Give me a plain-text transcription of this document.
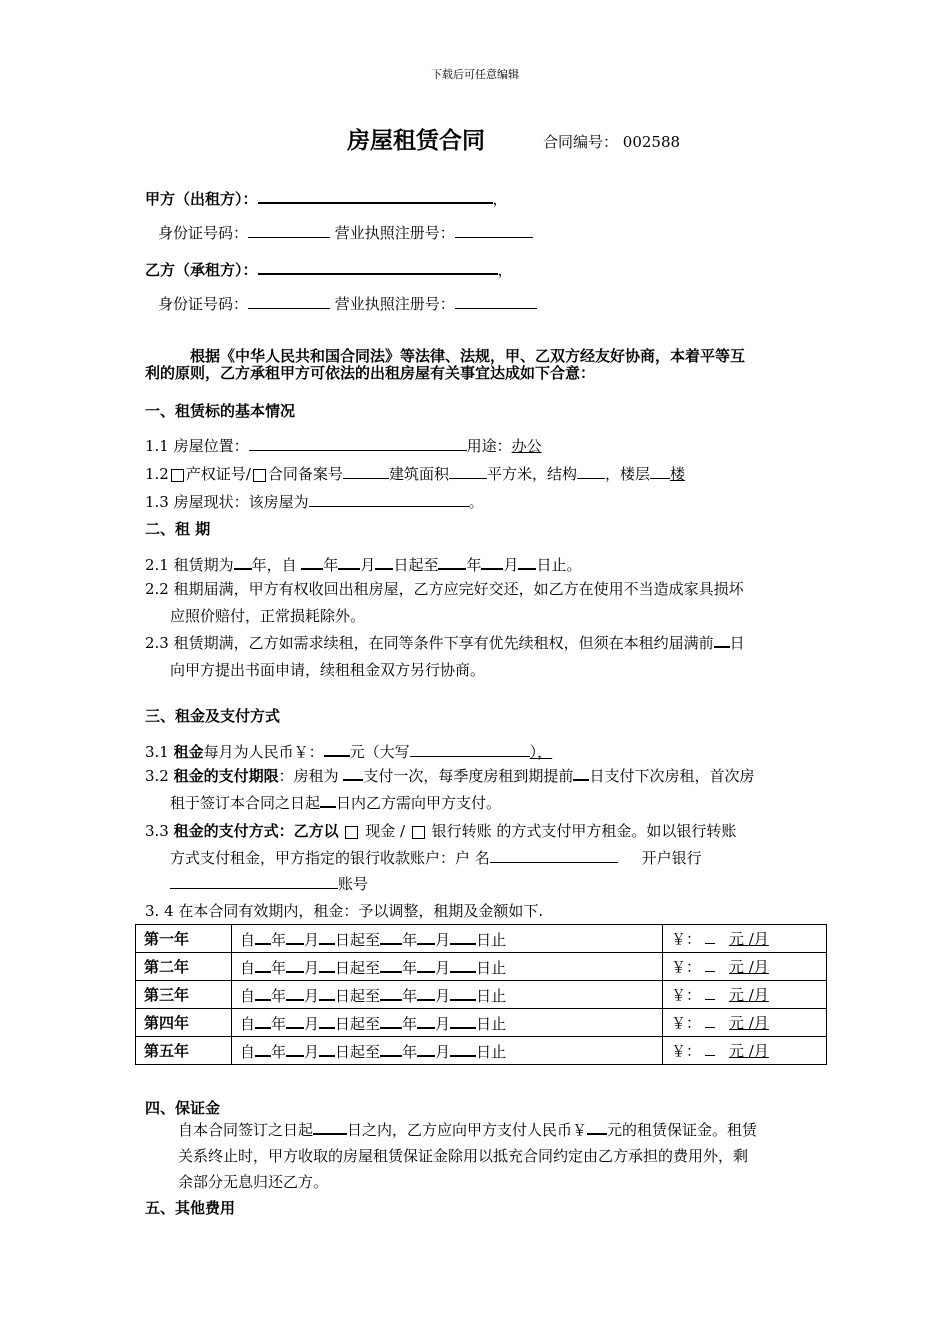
下载后可任意编辑
房屋租赁合同	合同编号： 002588
甲方（出租方）：	，
身份证号码：	营业执照注册号：
乙方（承租方）：	，
身份证号码：	营业执照注册号：
根据《中华人民共和国合同法》等法律、法规，甲、乙双方经友好协商，本着平等互
利的原则，乙方承租甲方可依法的出租房屋有关事宜达成如下合意：
一、租赁标的基本情况
1.1 房屋位置：	用途：办公
1.2 产权证号/ 合同备案号	建筑面积	平方米，结构 ，楼层 楼
1.3 房屋现状：该房屋为	。
二、租 期
2.1 租赁期为 年，自 年 月 日起至 年 月 日止。
2.2 租期届满，甲方有权收回出租房屋，乙方应完好交还，如乙方在使用不当造成家具损坏
应照价赔付，正常损耗除外。
2.3 租赁期满，乙方如需求续租，在同等条件下享有优先续租权，但须在本租约届满前 日
向甲方提出书面申请，续租租金双方另行协商。
三、租金及支付方式
3.1 租金每月为人民币￥： 元（大写	），
3.2 租金的支付期限：房租为 支付一次，每季度房租到期提前 日支付下次房租，首次房
租于签订本合同之日起 日内乙方需向甲方支付。
3.3 租金的支付方式：乙方以 现金 /  银行转账 的方式支付甲方租金。如以银行转账
方式支付租金，甲方指定的银行收款账户：户 名	开户银行
账号
3. 4 在本合同有效期内，租金：予以调整，租期及金额如下.
第一年	自 年 月 日起至 年 月 日止	￥： 元 /月
第二年	自 年 月 日起至 年 月 日止	￥： 元 /月
第三年	自 年 月 日起至 年 月 日止	￥： 元 /月
第四年	自 年 月 日起至 年 月 日止	￥： 元 /月
第五年	自 年 月 日起至 年 月 日止	￥： 元 /月
四、保证金
自本合同签订之日起 日之内，乙方应向甲方支付人民币￥ 元的租赁保证金。租赁
关系终止时，甲方收取的房屋租赁保证金除用以抵充合同约定由乙方承担的费用外，剩
余部分无息归还乙方。
五、其他费用
